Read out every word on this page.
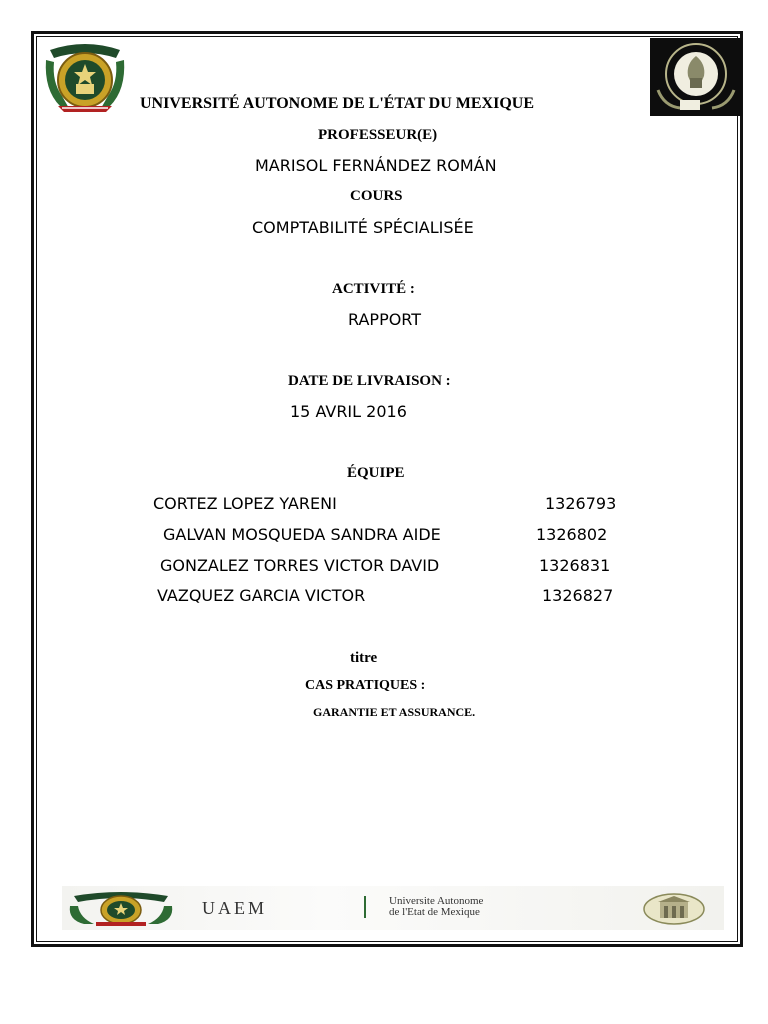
UNIVERSITÉ AUTONOME DE L'ÉTAT DU MEXIQUE
PROFESSEUR(E)
MARISOL FERNÁNDEZ ROMÁN
COURS
COMPTABILITÉ SPÉCIALISÉE
ACTIVITÉ :
RAPPORT
DATE DE LIVRAISON :
15 AVRIL 2016
ÉQUIPE
CORTEZ LOPEZ YARENI	1326793
GALVAN MOSQUEDA SANDRA AIDE	1326802
GONZALEZ TORRES VICTOR DAVID	1326831
VAZQUEZ GARCIA VICTOR	1326827
titre
CAS PRATIQUES :
GARANTIE ET ASSURANCE.
UAEM	Universite Autonome
de l'Etat de Mexique
